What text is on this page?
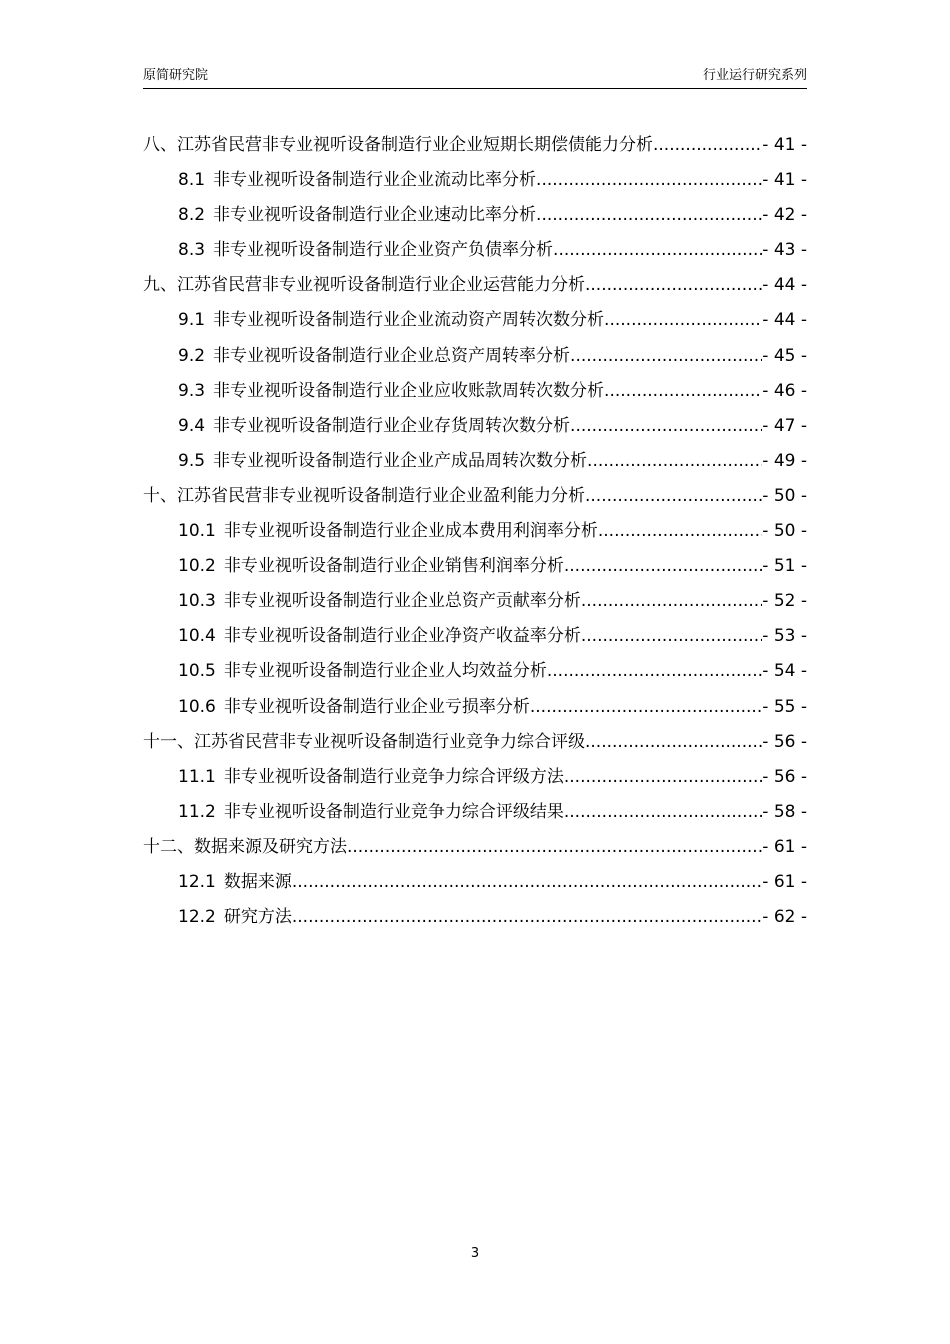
原简研究院	行业运行研究系列
八、 江苏省民营非专业视听设备制造行业企业短期长期偿债能力分析 .....	- 41 -
8.1 非专业视听设备制造行业企业流动比率分析 .....	- 41 -
8.2 非专业视听设备制造行业企业速动比率分析 .....	- 42 -
8.3 非专业视听设备制造行业企业资产负债率分析 .....	- 43 -
九、 江苏省民营非专业视听设备制造行业企业运营能力分析 .....	- 44 -
9.1 非专业视听设备制造行业企业流动资产周转次数分析 .....	- 44 -
9.2 非专业视听设备制造行业企业总资产周转率分析 .....	- 45 -
9.3 非专业视听设备制造行业企业应收账款周转次数分析 .....	- 46 -
9.4 非专业视听设备制造行业企业存货周转次数分析 .....	- 47 -
9.5 非专业视听设备制造行业企业产成品周转次数分析 .....	- 49 -
十、 江苏省民营非专业视听设备制造行业企业盈利能力分析 .....	- 50 -
10.1 非专业视听设备制造行业企业成本费用利润率分析 .....	- 50 -
10.2 非专业视听设备制造行业企业销售利润率分析 .....	- 51 -
10.3 非专业视听设备制造行业企业总资产贡献率分析 .....	- 52 -
10.4 非专业视听设备制造行业企业净资产收益率分析 .....	- 53 -
10.5 非专业视听设备制造行业企业人均效益分析 .....	- 54 -
10.6 非专业视听设备制造行业企业亏损率分析 .....	- 55 -
十一、 江苏省民营非专业视听设备制造行业竞争力综合评级 .....	- 56 -
11.1 非专业视听设备制造行业竞争力综合评级方法 .....	- 56 -
11.2 非专业视听设备制造行业竞争力综合评级结果 .....	- 58 -
十二、 数据来源及研究方法 .....	- 61 -
12.1 数据来源 .....	- 61 -
12.2 研究方法 .....	- 62 -
3
